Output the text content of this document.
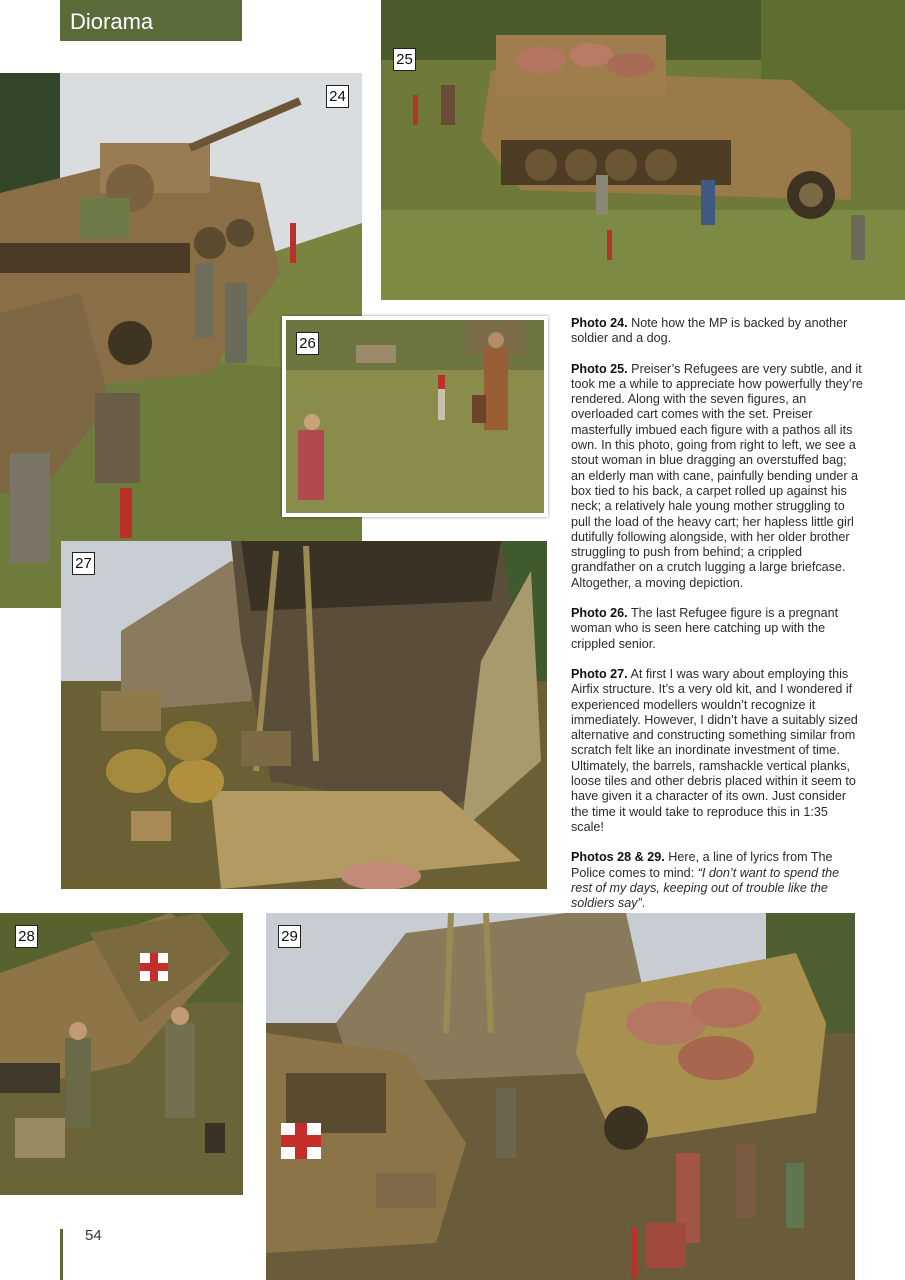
Diorama
25
24
26
27
28	29

Photo 24. Note how the MP is backed by another soldier and a dog.

Photo 25. Preiser’s Refugees are very subtle, and it took me a while to appreciate how powerfully they’re rendered. Along with the seven figures, an overloaded cart comes with the set. Preiser masterfully imbued each figure with a pathos all its own. In this photo, going from right to left, we see a stout woman in blue dragging an overstuffed bag; an elderly man with cane, painfully bending under a box tied to his back, a carpet rolled up against his neck; a relatively hale young mother struggling to pull the load of the heavy cart; her hapless little girl dutifully following alongside, with her older brother struggling to push from behind; a crippled grandfather on a crutch lugging a large briefcase. Altogether, a moving depiction.

Photo 26. The last Refugee figure is a pregnant woman who is seen here catching up with the crippled senior.

Photo 27. At first I was wary about employing this Airfix structure. It’s a very old kit, and I wondered if experienced modellers wouldn’t recognize it immediately. However, I didn’t have a suitably sized alternative and constructing something similar from scratch felt like an inordinate investment of time. Ultimately, the barrels, ramshackle vertical planks, loose tiles and other debris placed within it seem to have given it a character of its own. Just consider the time it would take to reproduce this in 1:35 scale!

Photos 28 & 29. Here, a line of lyrics from The Police comes to mind: “I don’t want to spend the rest of my days, keeping out of trouble like the soldiers say”.

54
